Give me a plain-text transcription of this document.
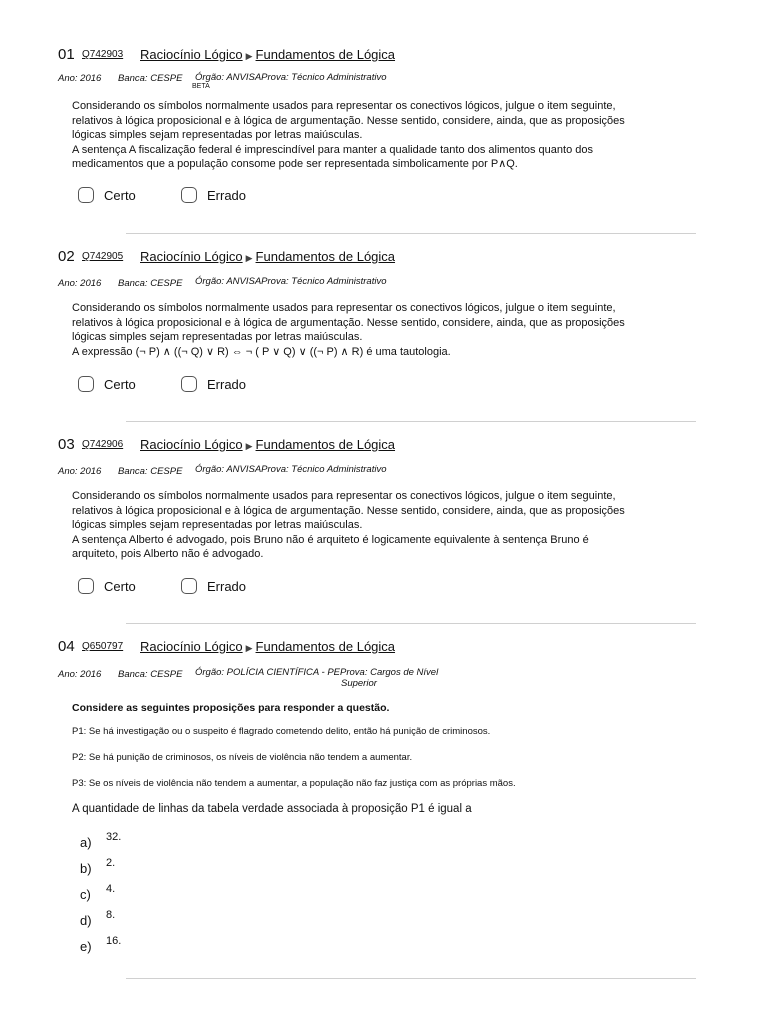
01 Q742903 Raciocínio Lógico ▶ Fundamentos de Lógica
Ano: 2016 Banca: CESPE Órgão: ANVISAProva: Técnico Administrativo
BETA

Considerando os símbolos normalmente usados para representar os conectivos lógicos, julgue o item seguinte,

relativos à lógica proposicional e à lógica de argumentação. Nesse sentido, considere, ainda, que as proposições

lógicas simples sejam representadas por letras maiúsculas.

A sentença A fiscalização federal é imprescindível para manter a qualidade tanto dos alimentos quanto dos

medicamentos que a população consome pode ser representada simbolicamente por P∧Q.

Certo	Errado
02 Q742905 Raciocínio Lógico ▶ Fundamentos de Lógica
Ano: 2016 Banca: CESPE Órgão: ANVISAProva: Técnico Administrativo

Considerando os símbolos normalmente usados para representar os conectivos lógicos, julgue o item seguinte,

relativos à lógica proposicional e à lógica de argumentação. Nesse sentido, considere, ainda, que as proposições

lógicas simples sejam representadas por letras maiúsculas.

A expressão (¬ P) ∧ ((¬ Q) ∨ R) ⇔ ¬ ( P ∨ Q) ∨ ((¬ P) ∧ R) é uma tautologia.

Certo	Errado
03 Q742906 Raciocínio Lógico ▶ Fundamentos de Lógica
Ano: 2016 Banca: CESPE Órgão: ANVISAProva: Técnico Administrativo

Considerando os símbolos normalmente usados para representar os conectivos lógicos, julgue o item seguinte,

relativos à lógica proposicional e à lógica de argumentação. Nesse sentido, considere, ainda, que as proposições

lógicas simples sejam representadas por letras maiúsculas.

A sentença Alberto é advogado, pois Bruno não é arquiteto é logicamente equivalente à sentença Bruno é

arquiteto, pois Alberto não é advogado.

Certo	Errado
04 Q650797 Raciocínio Lógico ▶ Fundamentos de Lógica
Ano: 2016 Banca: CESPE Órgão: POLÍCIA CIENTÍFICA - PEProva: Cargos de Nível
Superior
Considere as seguintes proposições para responder a questão.
P1: Se há investigação ou o suspeito é flagrado cometendo delito, então há punição de criminosos.
P2: Se há punição de criminosos, os níveis de violência não tendem a aumentar.
P3: Se os níveis de violência não tendem a aumentar, a população não faz justiça com as próprias mãos.
A quantidade de linhas da tabela verdade associada à proposição P1 é igual a
a)	32.
b)	2.
c)	4.
d)	8.
e)	16.
